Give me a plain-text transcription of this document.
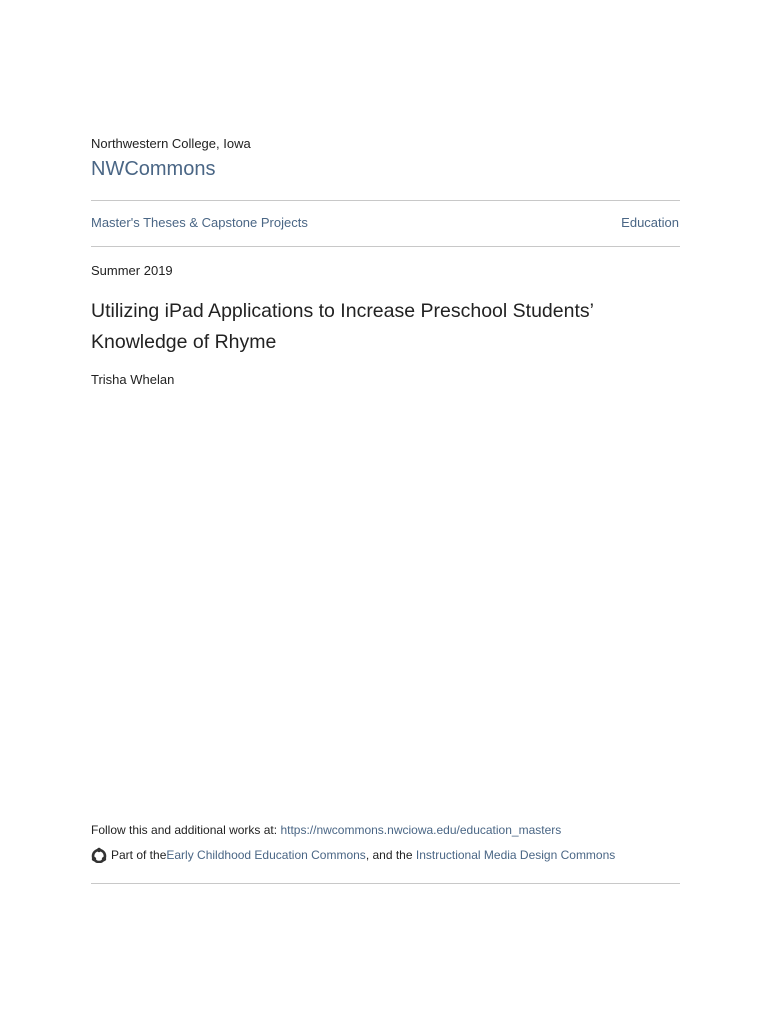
Northwestern College, Iowa
NWCommons
Master's Theses & Capstone Projects	Education
Summer 2019
Utilizing iPad Applications to Increase Preschool Students’ Knowledge of Rhyme
Trisha Whelan
Follow this and additional works at: https://nwcommons.nwciowa.edu/education_masters
Part of the Early Childhood Education Commons , and the Instructional Media Design Commons
